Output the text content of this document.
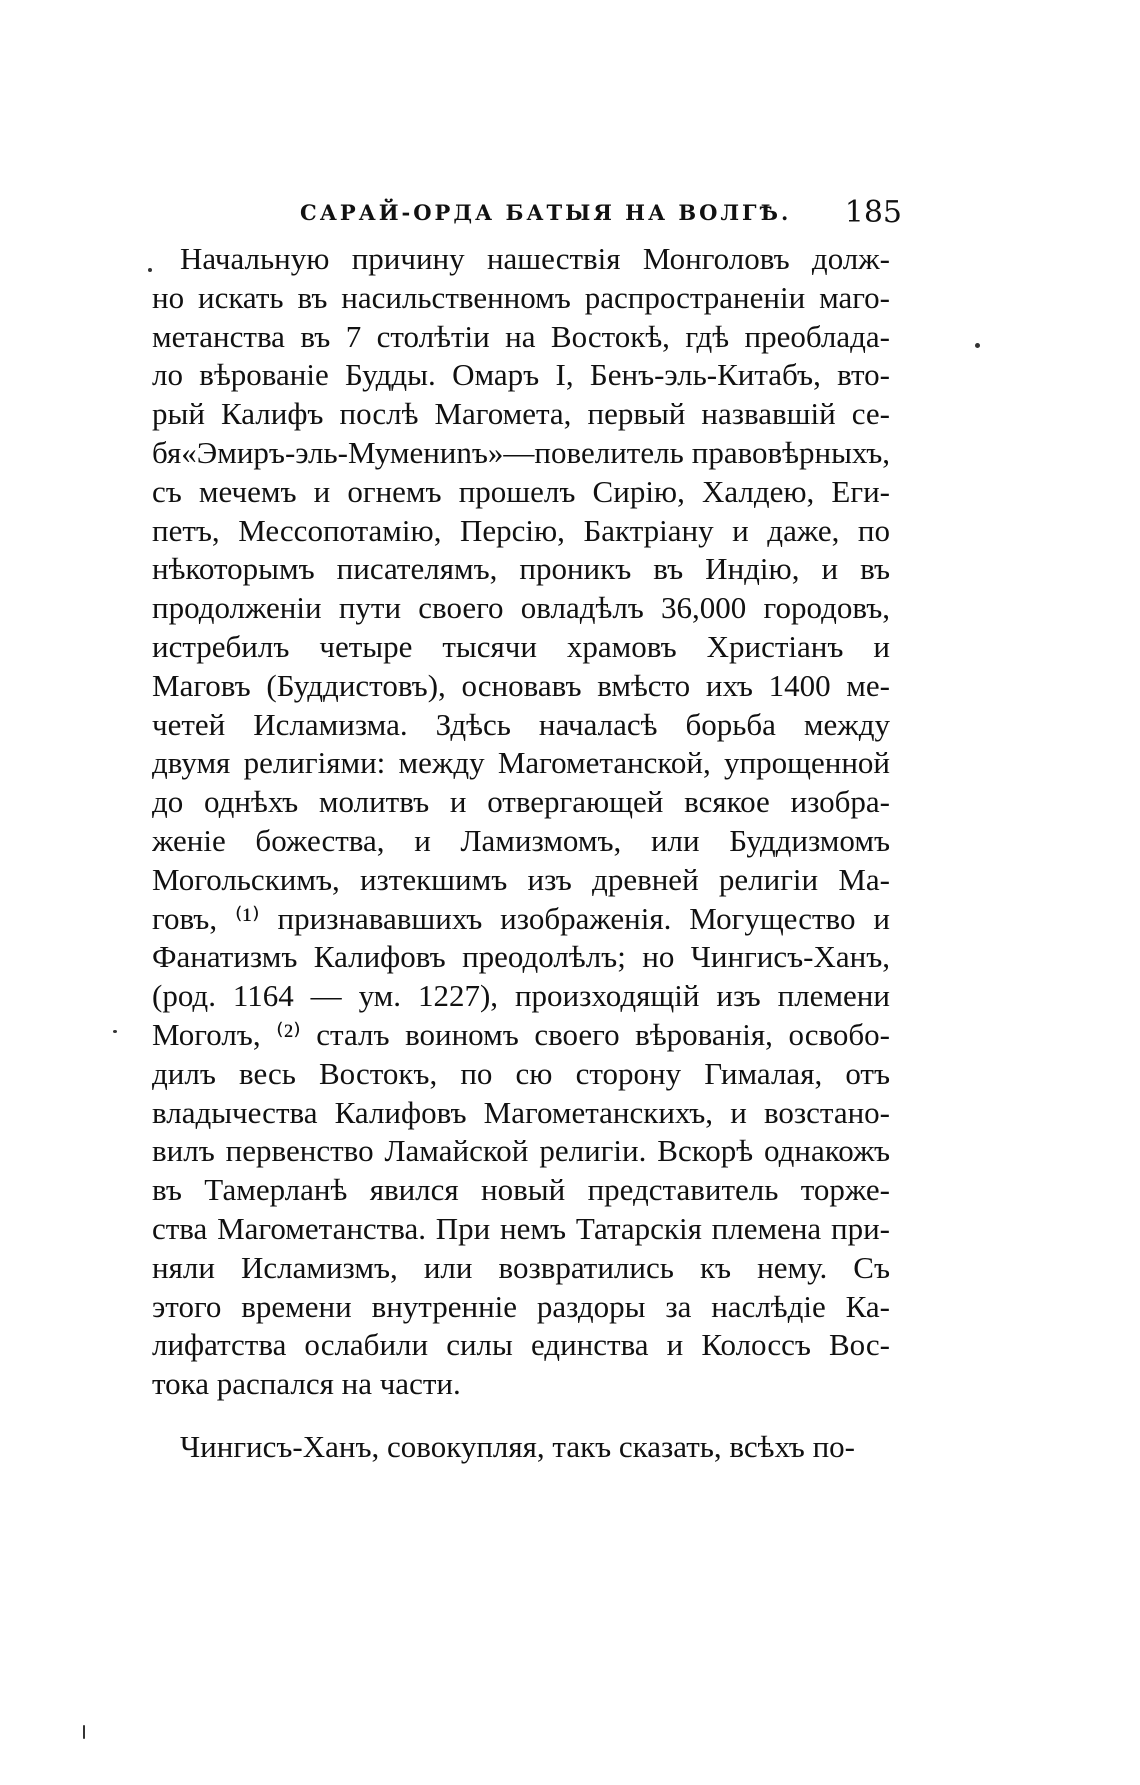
САРАЙ-ОРДА БАТЫЯ НА ВОЛГѢ. 185
Начальную причину нашествія Монголовъ долж-
но искать въ насильственномъ распространеніи маго-
метанства въ 7 столѣтіи на Востокѣ, гдѣ преоблада-
ло вѣрованіе Будды. Омаръ I, Бенъ-эль-Китабъ, вто-
рый Калифъ послѣ Магомета, первый назвавшій се-
бя«Эмиръ-эль-Мумениnъ»—повелитель правовѣрныхъ,
съ мечемъ и огнемъ прошелъ Сирію, Халдею, Еги-
петъ, Мессопотамію, Персію, Бактріану и даже, по
нѣкоторымъ писателямъ, проникъ въ Индію, и въ
продолженіи пути своего овладѣлъ 36,000 городовъ,
истребилъ четыре тысячи храмовъ Христіанъ и
Маговъ (Буддистовъ), основавъ вмѣсто ихъ 1400 ме-
четей Исламизма. Здѣсь началасѣ борьба между
двумя религіями: между Магометанской, упрощенной
до однѣхъ молитвъ и отвергающей всякое изобра-
женіе божества, и Ламизмомъ, или Буддизмомъ
Могольскимъ, изтекшимъ изъ древней религіи Ма-
говъ, ⁽¹⁾ признававшихъ изображенія. Могущество и
Фанатизмъ Калифовъ преодолѣлъ; но Чингисъ-Ханъ,
(род. 1164 — ум. 1227), произходящій изъ племени
Моголъ, ⁽²⁾ сталъ воиномъ своего вѣрованія, освобо-
дилъ весь Востокъ, по сю сторону Гималая, отъ
владычества Калифовъ Магометанскихъ, и возстано-
вилъ первенство Ламайской религіи. Вскорѣ однакожъ
въ Тамерланѣ явился новый представитель торже-
ства Магометанства. При немъ Татарскія племена при-
няли Исламизмъ, или возвратились къ нему. Съ
этого времени внутренніе раздоры за наслѣдіе Ка-
лифатства ослабили силы единства и Колоссъ Вос-
тока распался на части.
Чингисъ-Ханъ, совокупляя, такъ сказать, всѣхъ по-
